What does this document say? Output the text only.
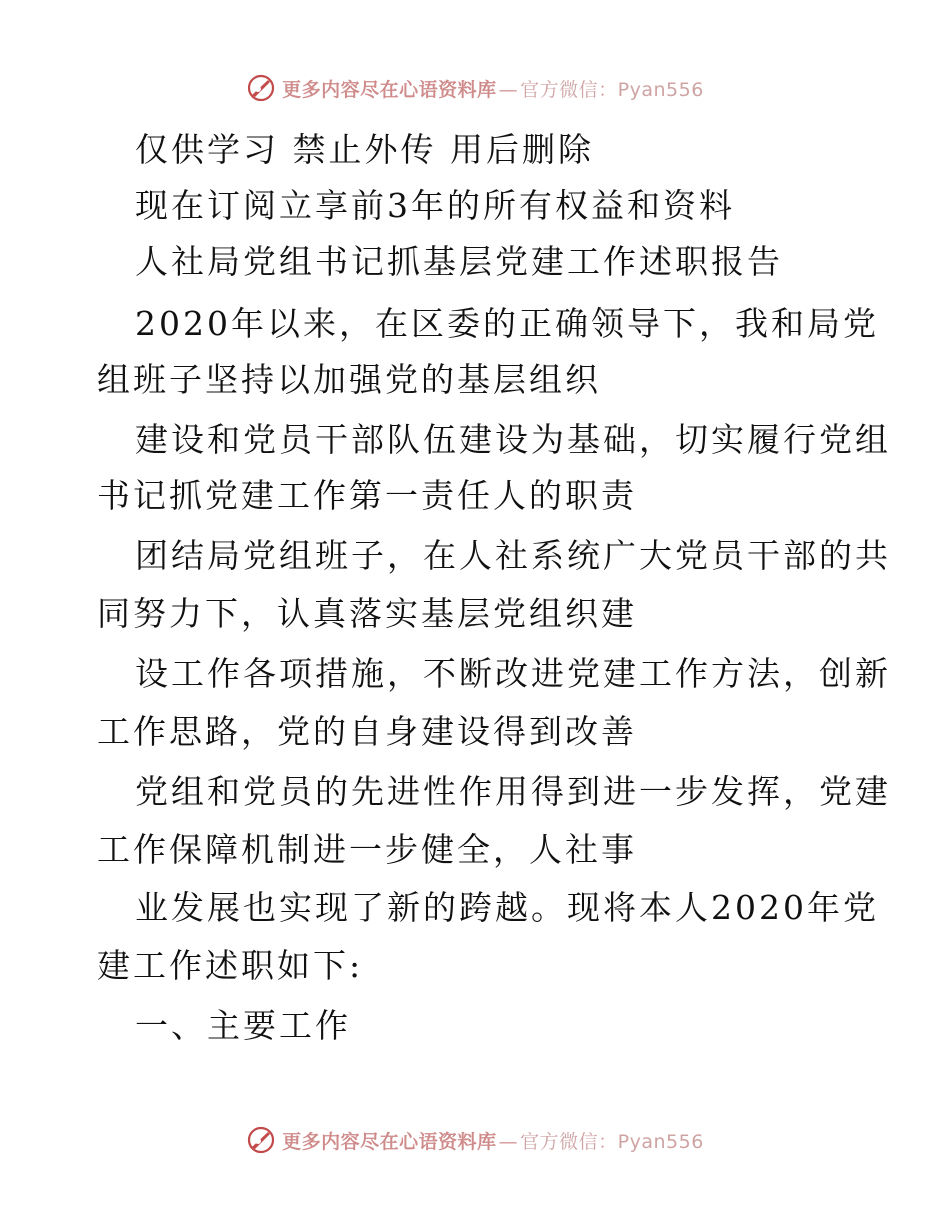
更多内容尽在心语资料库 — 官方微信：Pyan556
仅供学习 禁止外传 用后删除
现在订阅立享前3年的所有权益和资料
人社局党组书记抓基层党建工作述职报告
2020年以来，在区委的正确领导下，我和局党
组班子坚持以加强党的基层组织
建设和党员干部队伍建设为基础，切实履行党组
书记抓党建工作第一责任人的职责
团结局党组班子，在人社系统广大党员干部的共
同努力下，认真落实基层党组织建
设工作各项措施，不断改进党建工作方法，创新
工作思路，党的自身建设得到改善
党组和党员的先进性作用得到进一步发挥，党建
工作保障机制进一步健全，人社事
业发展也实现了新的跨越。现将本人2020年党
建工作述职如下:
一、主要工作
更多内容尽在心语资料库 — 官方微信：Pyan556
